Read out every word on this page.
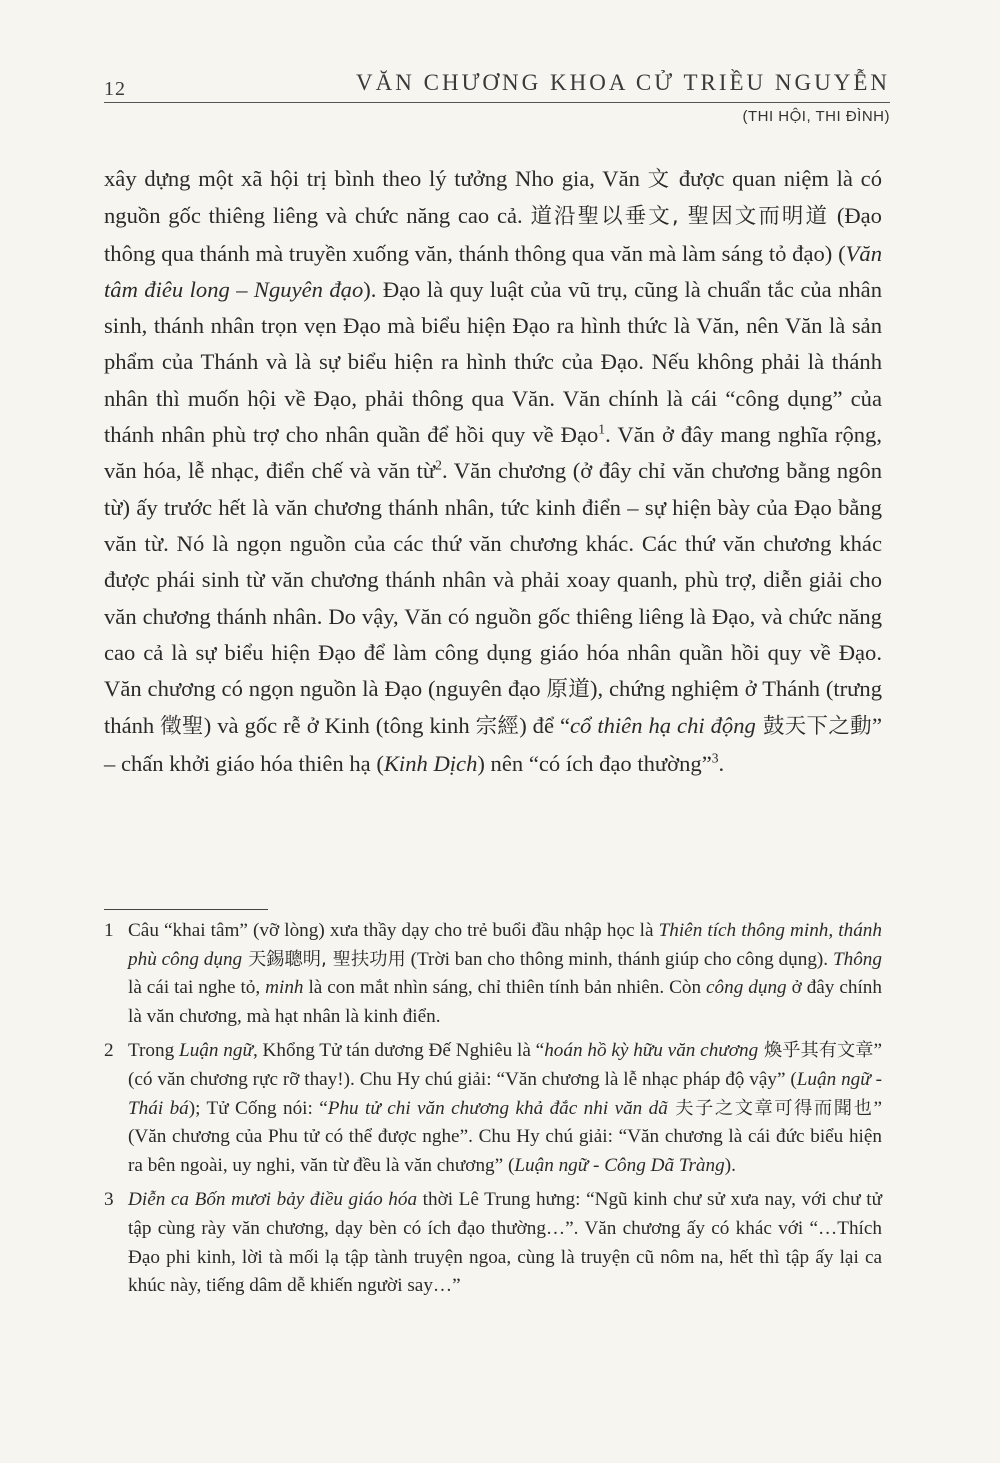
12	VĂN CHƯƠNG KHOA CỬ TRIỀU NGUYỄN
(THI HỘI, THI ĐÌNH)

xây dựng một xã hội trị bình theo lý tưởng Nho gia, Văn 文 được quan niệm là có nguồn gốc thiêng liêng và chức năng cao cả. 道沿聖以垂文, 聖因文而明道 (Đạo thông qua thánh mà truyền xuống văn, thánh thông qua văn mà làm sáng tỏ đạo) (Văn tâm điêu long – Nguyên đạo). Đạo là quy luật của vũ trụ, cũng là chuẩn tắc của nhân sinh, thánh nhân trọn vẹn Đạo mà biểu hiện Đạo ra hình thức là Văn, nên Văn là sản phẩm của Thánh và là sự biểu hiện ra hình thức của Đạo. Nếu không phải là thánh nhân thì muốn hội về Đạo, phải thông qua Văn. Văn chính là cái “công dụng” của thánh nhân phù trợ cho nhân quần để hồi quy về Đạo$^1$. Văn ở đây mang nghĩa rộng, văn hóa, lễ nhạc, điển chế và văn từ$^2$. Văn chương (ở đây chỉ văn chương bằng ngôn từ) ấy trước hết là văn chương thánh nhân, tức kinh điển – sự hiện bày của Đạo bằng văn từ. Nó là ngọn nguồn của các thứ văn chương khác. Các thứ văn chương khác được phái sinh từ văn chương thánh nhân và phải xoay quanh, phù trợ, diễn giải cho văn chương thánh nhân. Do vậy, Văn có nguồn gốc thiêng liêng là Đạo, và chức năng cao cả là sự biểu hiện Đạo để làm công dụng giáo hóa nhân quần hồi quy về Đạo. Văn chương có ngọn nguồn là Đạo (nguyên đạo 原道), chứng nghiệm ở Thánh (trưng thánh 徵聖) và gốc rễ ở Kinh (tông kinh 宗經) để “cổ thiên hạ chi động 鼓天下之動” – chấn khởi giáo hóa thiên hạ (Kinh Dịch) nên “có ích đạo thường”$^3$.

1 Câu “khai tâm” (vỡ lòng) xưa thầy dạy cho trẻ buổi đầu nhập học là Thiên tích thông minh, thánh phù công dụng 天錫聰明, 聖扶功用 (Trời ban cho thông minh, thánh giúp cho công dụng). Thông là cái tai nghe tỏ, minh là con mắt nhìn sáng, chỉ thiên tính bản nhiên. Còn công dụng ở đây chính là văn chương, mà hạt nhân là kinh điển.
2 Trong Luận ngữ, Khổng Tử tán dương Đế Nghiêu là “hoán hồ kỳ hữu văn chương 煥乎其有文章” (có văn chương rực rỡ thay!). Chu Hy chú giải: “Văn chương là lễ nhạc pháp độ vậy” (Luận ngữ - Thái bá); Tử Cống nói: “Phu tử chi văn chương khả đắc nhi văn dã 夫子之文章可得而聞也” (Văn chương của Phu tử có thể được nghe”. Chu Hy chú giải: “Văn chương là cái đức biểu hiện ra bên ngoài, uy nghi, văn từ đều là văn chương” (Luận ngữ - Công Dã Tràng).
3 Diễn ca Bốn mươi bảy điều giáo hóa thời Lê Trung hưng: “Ngũ kinh chư sử xưa nay, với chư tử tập cùng rày văn chương, dạy bèn có ích đạo thường…”. Văn chương ấy có khác với “…Thích Đạo phi kinh, lời tà mối lạ tập tành truyện ngoa, cùng là truyện cũ nôm na, hết thì tập ấy lại ca khúc này, tiếng dâm dễ khiến người say…”
